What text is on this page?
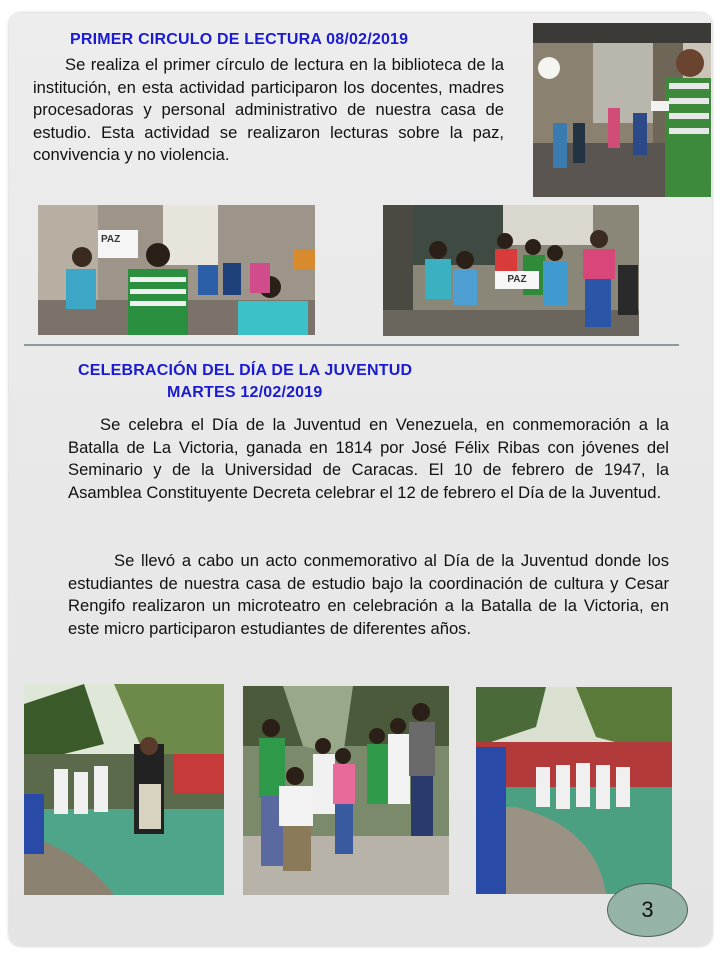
PRIMER CIRCULO DE LECTURA 08/02/2019
Se realiza el primer círculo de lectura en la biblioteca de la institución, en esta actividad participaron los docentes, madres procesadoras y personal administrativo de nuestra casa de estudio. Esta actividad se realizaron lecturas sobre la paz, convivencia y no violencia.
PAZ
PAZ
CELEBRACIÓN DEL DÍA DE LA JUVENTUD
MARTES 12/02/2019
Se celebra el Día de la Juventud en Venezuela, en conmemoración a la Batalla de La Victoria, ganada en 1814 por José Félix Ribas con jóvenes del Seminario y de la Universidad de Caracas. El 10 de febrero de 1947, la Asamblea Constituyente Decreta celebrar el 12 de febrero el Día de la Juventud.
Se llevó a cabo un acto conmemorativo al Día de la Juventud donde los estudiantes de nuestra casa de estudio bajo la coordinación de cultura y Cesar Rengifo realizaron un microteatro en celebración a la Batalla de la Victoria, en este micro participaron estudiantes de diferentes años.
3
